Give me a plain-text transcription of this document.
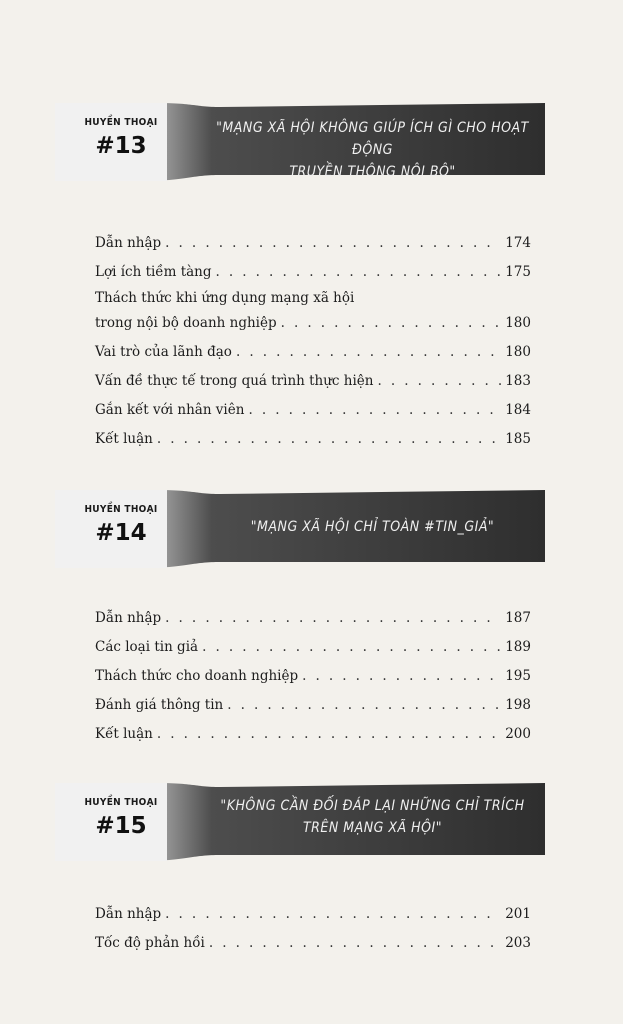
HUYỀN THOẠI
#13
"MẠNG XÃ HỘI KHÔNG GIÚP ÍCH GÌ CHO HOẠT ĐỘNG
TRUYỀN THÔNG NỘI BỘ"
Dẫn nhập . . .	174
Lợi ích tiềm tàng . . .	175
Thách thức khi ứng dụng mạng xã hội
trong nội bộ doanh nghiệp . . .	180
Vai trò của lãnh đạo . . .	180
Vấn đề thực tế trong quá trình thực hiện . . .	183
Gắn kết với nhân viên . . .	184
Kết luận . . .	185
HUYỀN THOẠI
#14	"MẠNG XÃ HỘI CHỈ TOÀN #TIN_GIẢ"
Dẫn nhập . . .	187
Các loại tin giả . . .	189
Thách thức cho doanh nghiệp . . .	195
Đánh giá thông tin . . .	198
Kết luận . . .	200
HUYỀN THOẠI
#15
"KHÔNG CẦN ĐỐI ĐÁP LẠI NHỮNG CHỈ TRÍCH
TRÊN MẠNG XÃ HỘI"
Dẫn nhập . . .	201
Tốc độ phản hồi . . .	203
